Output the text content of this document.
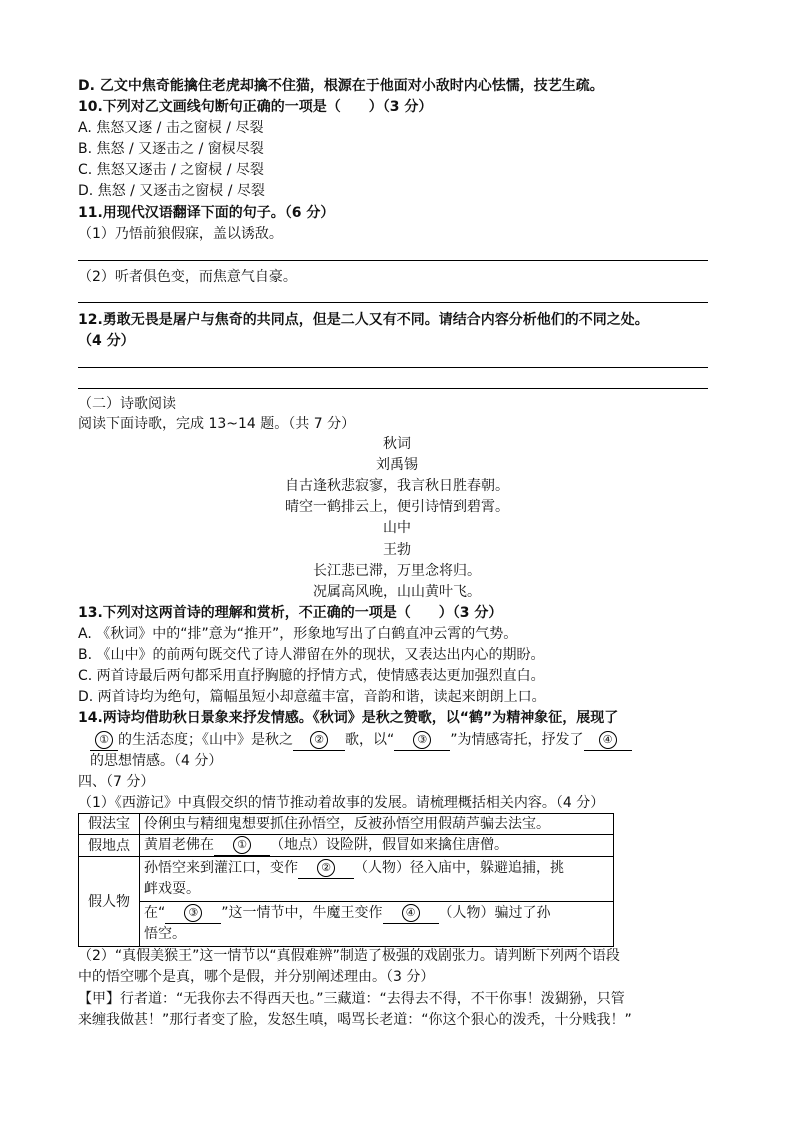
D. 乙文中焦奇能擒住老虎却擒不住猫，根源在于他面对小敌时内心怯懦，技艺生疏。
10.下列对乙文画线句断句正确的一项是（　　）（3 分）
A. 焦怒又逐 / 击之窗棂 / 尽裂
B. 焦怒 / 又逐击之 / 窗棂尽裂
C. 焦怒又逐击 / 之窗棂 / 尽裂
D. 焦怒 / 又逐击之窗棂 / 尽裂
11.用现代汉语翻译下面的句子。（6 分）
（1）乃悟前狼假寐，盖以诱敌。
（2）听者俱色变，而焦意气自豪。
12.勇敢无畏是屠户与焦奇的共同点，但是二人又有不同。请结合内容分析他们的不同之处。
（4 分）
（二）诗歌阅读
阅读下面诗歌，完成 13~14 题。（共 7 分）
秋词
刘禹锡
自古逢秋悲寂寥，我言秋日胜春朝。
晴空一鹤排云上，便引诗情到碧霄。
山中
王勃
长江悲已滞，万里念将归。
况属高风晚，山山黄叶飞。
13.下列对这两首诗的理解和赏析，不正确的一项是（　　）（3 分）
A. 《秋词》中的“排”意为“推开”，形象地写出了白鹤直冲云霄的气势。
B. 《山中》的前两句既交代了诗人滞留在外的现状，又表达出内心的期盼。
C. 两首诗最后两句都采用直抒胸臆的抒情方式，使情感表达更加强烈直白。
D. 两首诗均为绝句，篇幅虽短小却意蕴丰富，音韵和谐，读起来朗朗上口。
14.两诗均借助秋日景象来抒发情感。《秋词》是秋之赞歌，以“鹤”为精神象征，展现了
① 的生活态度；《山中》是秋之 ② 歌，以“ ③ ”为情感寄托，抒发了 ④
的思想情感。（4 分）
四、（7 分）
（1）《西游记》中真假交织的情节推动着故事的发展。请梳理概括相关内容。（4 分）
假法宝	伶俐虫与精细鬼想要抓住孙悟空，反被孙悟空用假葫芦骗去法宝。
假地点	黄眉老佛在 ① （地点）设险阱，假冒如来擒住唐僧。
假人物	孙悟空来到灌江口，变作 ② （人物）径入庙中，躲避追捕，挑
衅戏耍。
	在“ ③ ”这一情节中，牛魔王变作 ④ （人物）骗过了孙
悟空。
（2）“真假美猴王”这一情节以“真假难辨”制造了极强的戏剧张力。请判断下列两个语段
中的悟空哪个是真，哪个是假，并分别阐述理由。（3 分）
【甲】行者道：“无我你去不得西天也。”三藏道：“去得去不得，不干你事！泼猢狲，只管
来缠我做甚！”那行者变了脸，发怒生嗔，喝骂长老道：“你这个狠心的泼秃，十分贱我！”
